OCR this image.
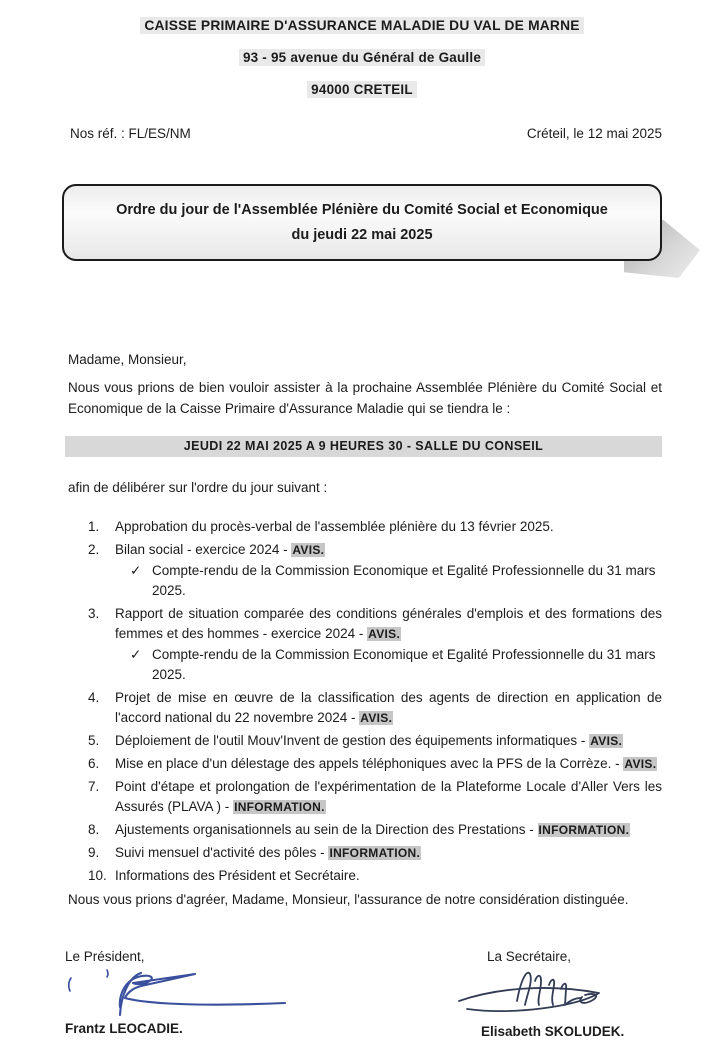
CAISSE PRIMAIRE D'ASSURANCE MALADIE DU VAL DE MARNE
93 - 95 avenue du Général de Gaulle
94000 CRETEIL
Nos réf. : FL/ES/NM	Créteil, le 12 mai 2025
Ordre du jour de l'Assemblée Plénière du Comité Social et Economique
du jeudi 22 mai 2025

Madame, Monsieur,

Nous vous prions de bien vouloir assister à la prochaine Assemblée Plénière du Comité Social et Economique de la Caisse Primaire d'Assurance Maladie qui se tiendra le :

JEUDI 22 MAI 2025 A 9 HEURES 30 - SALLE DU CONSEIL

afin de délibérer sur l'ordre du jour suivant :

1.	Approbation du procès-verbal de l'assemblée plénière du 13 février 2025.

2.	Bilan social - exercice 2024 - AVIS.

✓ Compte-rendu de la Commission Economique et Egalité Professionnelle du 31 mars 2025.
3.	Rapport de situation comparée des conditions générales d'emplois et des formations des femmes et des hommes - exercice 2024 - AVIS.

✓ Compte-rendu de la Commission Economique et Egalité Professionnelle du 31 mars 2025.
4.	Projet de mise en œuvre de la classification des agents de direction en application de l'accord national du 22 novembre 2024 - AVIS.

5.	Déploiement de l'outil Mouv'Invent de gestion des équipements informatiques - AVIS.

6.	Mise en place d'un délestage des appels téléphoniques avec la PFS de la Corrèze. - AVIS.

7.	Point d'étape et prolongation de l'expérimentation de la Plateforme Locale d'Aller Vers les Assurés (PLAVA ) - INFORMATION.

8.	Ajustements organisationnels au sein de la Direction des Prestations - INFORMATION.

9.	Suivi mensuel d'activité des pôles - INFORMATION.

10. Informations des Président et Secrétaire.

Nous vous prions d'agréer, Madame, Monsieur, l'assurance de notre considération distinguée.

Le Président,
Frantz LEOCADIE.
La Secrétaire,
Elisabeth SKOLUDEK.
